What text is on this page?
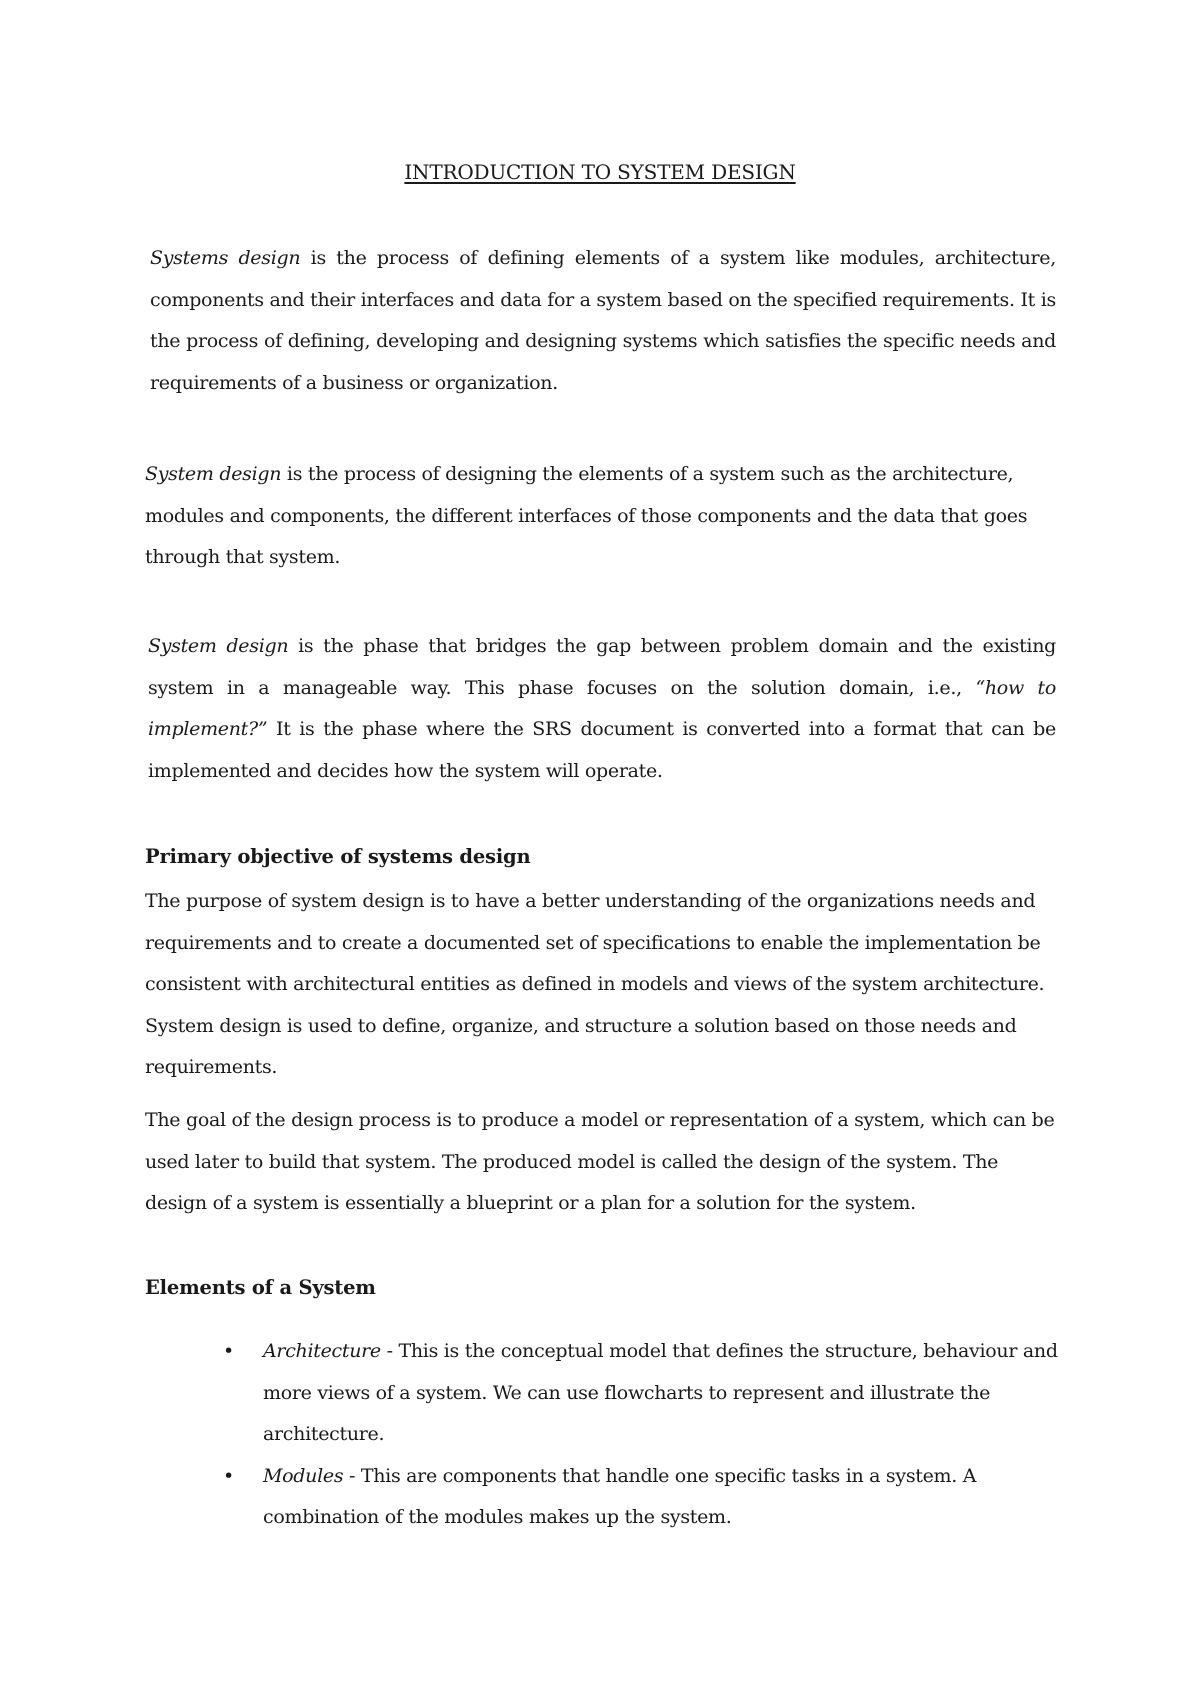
INTRODUCTION TO SYSTEM DESIGN

Systems design is the process of defining elements of a system like modules, architecture, components and their interfaces and data for a system based on the specified requirements. It is the process of defining, developing and designing systems which satisfies the specific needs and requirements of a business or organization.

System design is the process of designing the elements of a system such as the architecture, modules and components, the different interfaces of those components and the data that goes through that system.

System design is the phase that bridges the gap between problem domain and the existing system in a manageable way. This phase focuses on the solution domain, i.e., “how to implement?” It is the phase where the SRS document is converted into a format that can be implemented and decides how the system will operate.

Primary objective of systems design

The purpose of system design is to have a better understanding of the organizations needs and requirements and to create a documented set of specifications to enable the implementation be consistent with architectural entities as defined in models and views of the system architecture. System design is used to define, organize, and structure a solution based on those needs and requirements.

The goal of the design process is to produce a model or representation of a system, which can be used later to build that system. The produced model is called the design of the system. The design of a system is essentially a blueprint or a plan for a solution for the system.

Elements of a System
• Architecture - This is the conceptual model that defines the structure, behaviour and more views of a system. We can use flowcharts to represent and illustrate the architecture.
• Modules - This are components that handle one specific tasks in a system. A combination of the modules makes up the system.
